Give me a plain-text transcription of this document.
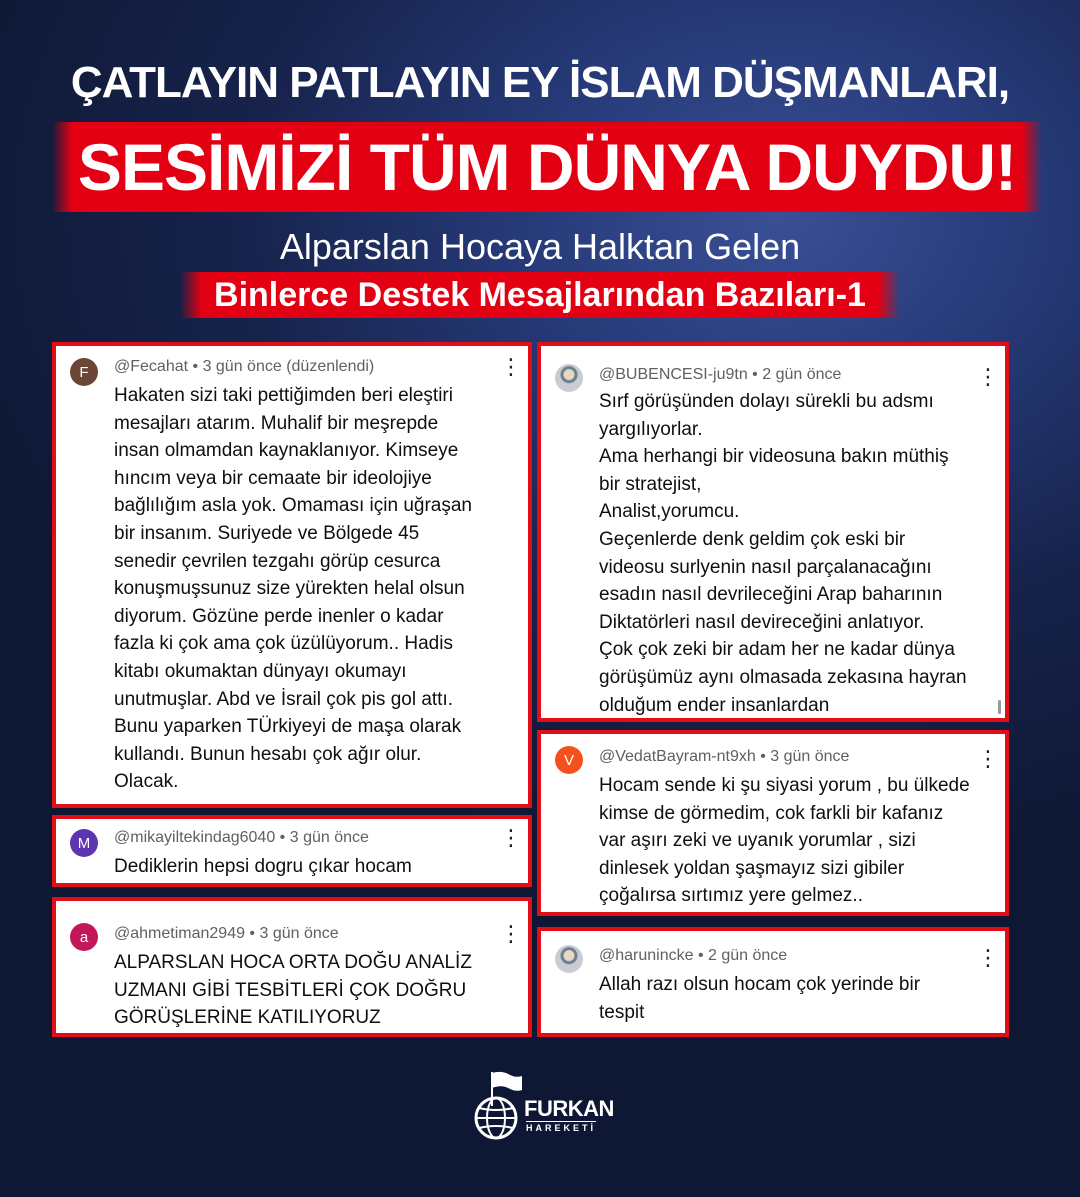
ÇATLAYIN PATLAYIN EY İSLAM DÜŞMANLARI,
SESİMİZİ TÜM DÜNYA DUYDU!
Alparslan Hocaya Halktan Gelen
Binlerce Destek Mesajlarından Bazıları-1
F @Fecahat • 3 gün önce (düzenlendi)	⋮
Hakaten sizi taki pettiğimden beri eleştiri
mesajları atarım. Muhalif bir meşrepde
insan olmamdan kaynaklanıyor. Kimseye
hıncım veya bir cemaate bir ideolojiye
bağlılığım asla yok. Omaması için uğraşan
bir insanım. Suriyede ve Bölgede 45
senedir çevrilen tezgahı görüp cesurca
konuşmuşsunuz size yürekten helal olsun
diyorum. Gözüne perde inenler o kadar
fazla ki çok ama çok üzülüyorum.. Hadis
kitabı okumaktan dünyayı okumayı
unutmuşlar. Abd ve İsrail çok pis gol attı.
Bunu yaparken TÜrkiyeyi de maşa olarak
kullandı. Bunun hesabı çok ağır olur.
Olacak.
M @mikayiltekindag6040 • 3 gün önce	⋮
Dediklerin hepsi dogru çıkar hocam
a @ahmetiman2949 • 3 gün önce	⋮
ALPARSLAN HOCA ORTA DOĞU ANALİZ
UZMANI GİBİ TESBİTLERİ ÇOK DOĞRU
GÖRÜŞLERİNE KATILIYORUZ
@BUBENCESI-ju9tn • 2 gün önce	⋮
Sırf görüşünden dolayı sürekli bu adsmı
yargılıyorlar.
Ama herhangi bir videosuna bakın müthiş
bir stratejist,
Analist,yorumcu.
Geçenlerde denk geldim çok eski bir
videosu surlyenin nasıl parçalanacağını
esadın nasıl devrileceğini Arap baharının
Diktatörleri nasıl devireceğini anlatıyor.
Çok çok zeki bir adam her ne kadar dünya
görüşümüz aynı olmasada zekasına hayran
olduğum ender insanlardan
V @VedatBayram-nt9xh • 3 gün önce	⋮
Hocam sende ki şu siyasi yorum , bu ülkede
kimse de görmedim, cok farkli bir kafanız
var aşırı zeki ve uyanık yorumlar , sizi
dinlesek yoldan şaşmayız sizi gibiler
çoğalırsa sırtımız yere gelmez..
@harunincke • 2 gün önce	⋮
Allah razı olsun hocam çok yerinde bir
tespit
FURKAN
HAREKETİ
